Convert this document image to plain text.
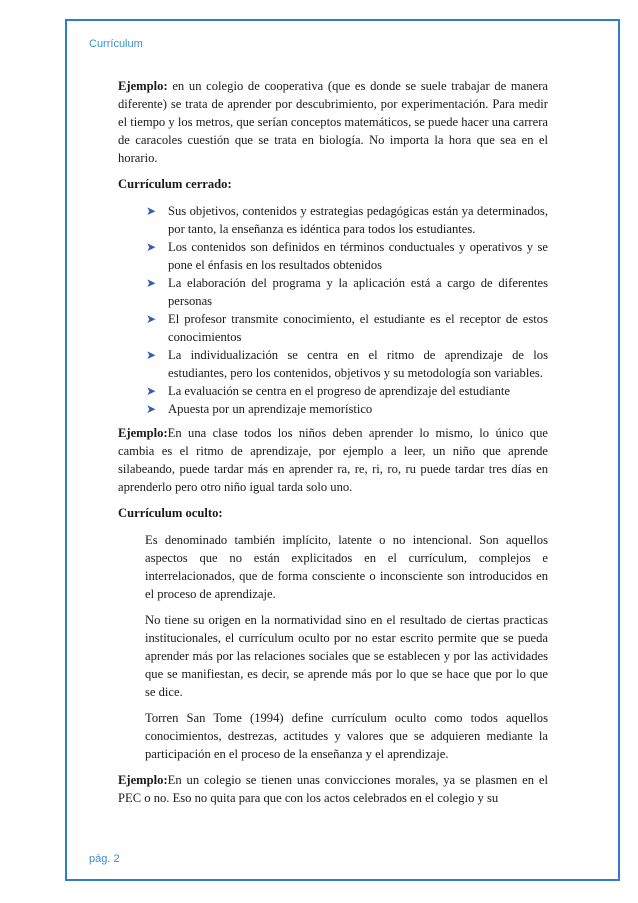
Currículum

Ejemplo: en un colegio de cooperativa (que es donde se suele trabajar de manera diferente) se trata de aprender por descubrimiento, por experimentación. Para medir el tiempo y los metros, que serían conceptos matemáticos, se puede hacer una carrera de caracoles cuestión que se trata en biología. No importa la hora que sea en el horario.

Currículum cerrado:

➤ Sus objetivos, contenidos y estrategias pedagógicas están ya determinados, por tanto, la enseñanza es idéntica para todos los estudiantes.
➤ Los contenidos son definidos en términos conductuales y operativos y se pone el énfasis en los resultados obtenidos
➤ La elaboración del programa y la aplicación está a cargo de diferentes personas
➤ El profesor transmite conocimiento, el estudiante es el receptor de estos conocimientos
➤ La individualización se centra en el ritmo de aprendizaje de los estudiantes, pero los contenidos, objetivos y su metodología son variables.
➤ La evaluación se centra en el progreso de aprendizaje del estudiante
➤ Apuesta por un aprendizaje memorístico

Ejemplo:En una clase todos los niños deben aprender lo mismo, lo único que cambia es el ritmo de aprendizaje, por ejemplo a leer, un niño que aprende silabeando, puede tardar más en aprender ra, re, ri, ro, ru puede tardar tres días en aprenderlo pero otro niño igual tarda solo uno.

Currículum oculto:

Es denominado también implícito, latente o no intencional. Son aquellos aspectos que no están explicitados en el currículum, complejos e interrelacionados, que de forma consciente o inconsciente son introducidos en el proceso de aprendizaje.

No tiene su origen en la normatividad sino en el resultado de ciertas practicas institucionales, el currículum oculto por no estar escrito permite que se pueda aprender más por las relaciones sociales que se establecen y por las actividades que se manifiestan, es decir, se aprende más por lo que se hace que por lo que se dice.

Torren San Tome (1994) define currículum oculto como todos aquellos conocimientos, destrezas, actitudes y valores que se adquieren mediante la participación en el proceso de la enseñanza y el aprendizaje.

Ejemplo:En un colegio se tienen unas convicciones morales, ya se plasmen en el PEC o no. Eso no quita para que con los actos celebrados en el colegio y su

pág. 2
